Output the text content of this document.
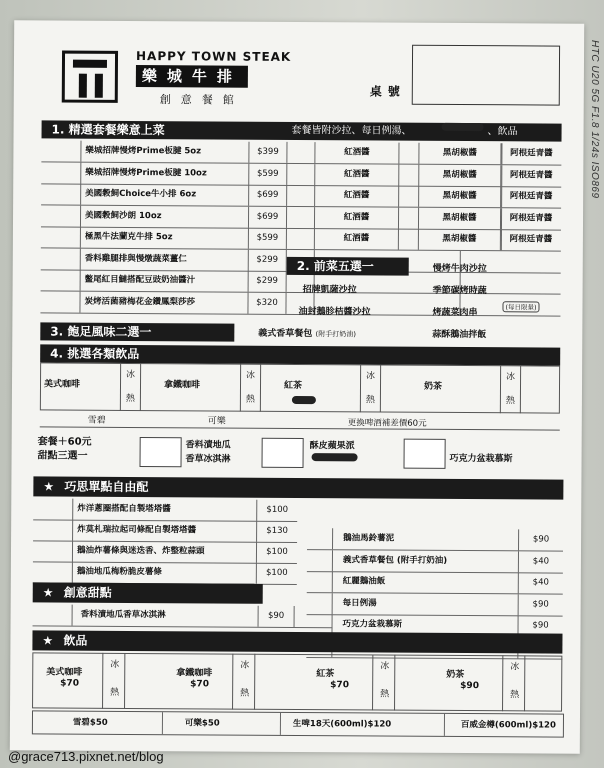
HAPPY TOWN STEAK
樂城牛排
創意餐館
桌號
1. 精選套餐樂意上菜	套餐皆附沙拉、每日例湯、	、飲品
樂城招牌慢烤Prime板腱 5oz	$399	紅酒醬	黑胡椒醬	阿根廷青醬
樂城招牌慢烤Prime板腱 10oz	$599	紅酒醬	黑胡椒醬	阿根廷青醬
美國穀飼Choice牛小排 6oz	$699	紅酒醬	黑胡椒醬	阿根廷青醬
美國穀飼沙朗 10oz	$699	紅酒醬	黑胡椒醬	阿根廷青醬
極黑牛法蘭克牛排 5oz	$599	紅酒醬	黑胡椒醬	阿根廷青醬
香料雞腿排與慢燉蔬菜薑仁	$299
鳖尾紅目鰱搭配豆豉奶油醬汁	$299
炭烤活菌豬梅花金鑽鳳梨莎莎	$320
2. 前菜五選一	慢烤牛肉沙拉
招牌凱薩沙拉	季節碳烤時蔬
油封鵝胗桔醬沙拉	烤蔬菜肉串
(每日限量)
3. 飽足風味二選一	義式香草餐包 (附手打奶油)	蒜酥鵝油拌飯
4. 挑選各類飲品
美式咖啡
冰
熱
拿鐵咖啡
冰
熱
紅茶
冰
熱
奶茶
冰
熱
雪碧	可樂	更換啤酒補差價60元
套餐＋60元
甜點三選一
香料漬地瓜
香草冰淇淋
酥皮蘋果派
巧克力盆栽慕斯
★ 巧思單點自由配
炸洋蔥圈搭配自製塔塔醬	$100
炸莫札瑞拉起司條配自製塔塔醬	$130
鵝油炸薯條與迷迭香、炸整粒蒜頭	$100
鵝油地瓜梅粉脆皮薯條	$100
鵝油馬鈴薯泥	$90
義式香草餐包 (附手打奶油)	$40
紅麗鵝油飯	$40
每日例湯	$90
巧克力盆栽慕斯	$90
★ 創意甜點
香料漬地瓜香草冰淇淋	$90
★ 飲品
美式咖啡
$70
冰
熱
拿鐵咖啡
$70
冰
熱
紅茶
$70
冰
熱
奶茶
$90
冰
熱
雪碧$50	可樂$50	生啤18天(600ml)$120	百威金樽(600ml)$120
HTC U20 5G F1.8 1/24s ISO869
@grace713.pixnet.net/blog
